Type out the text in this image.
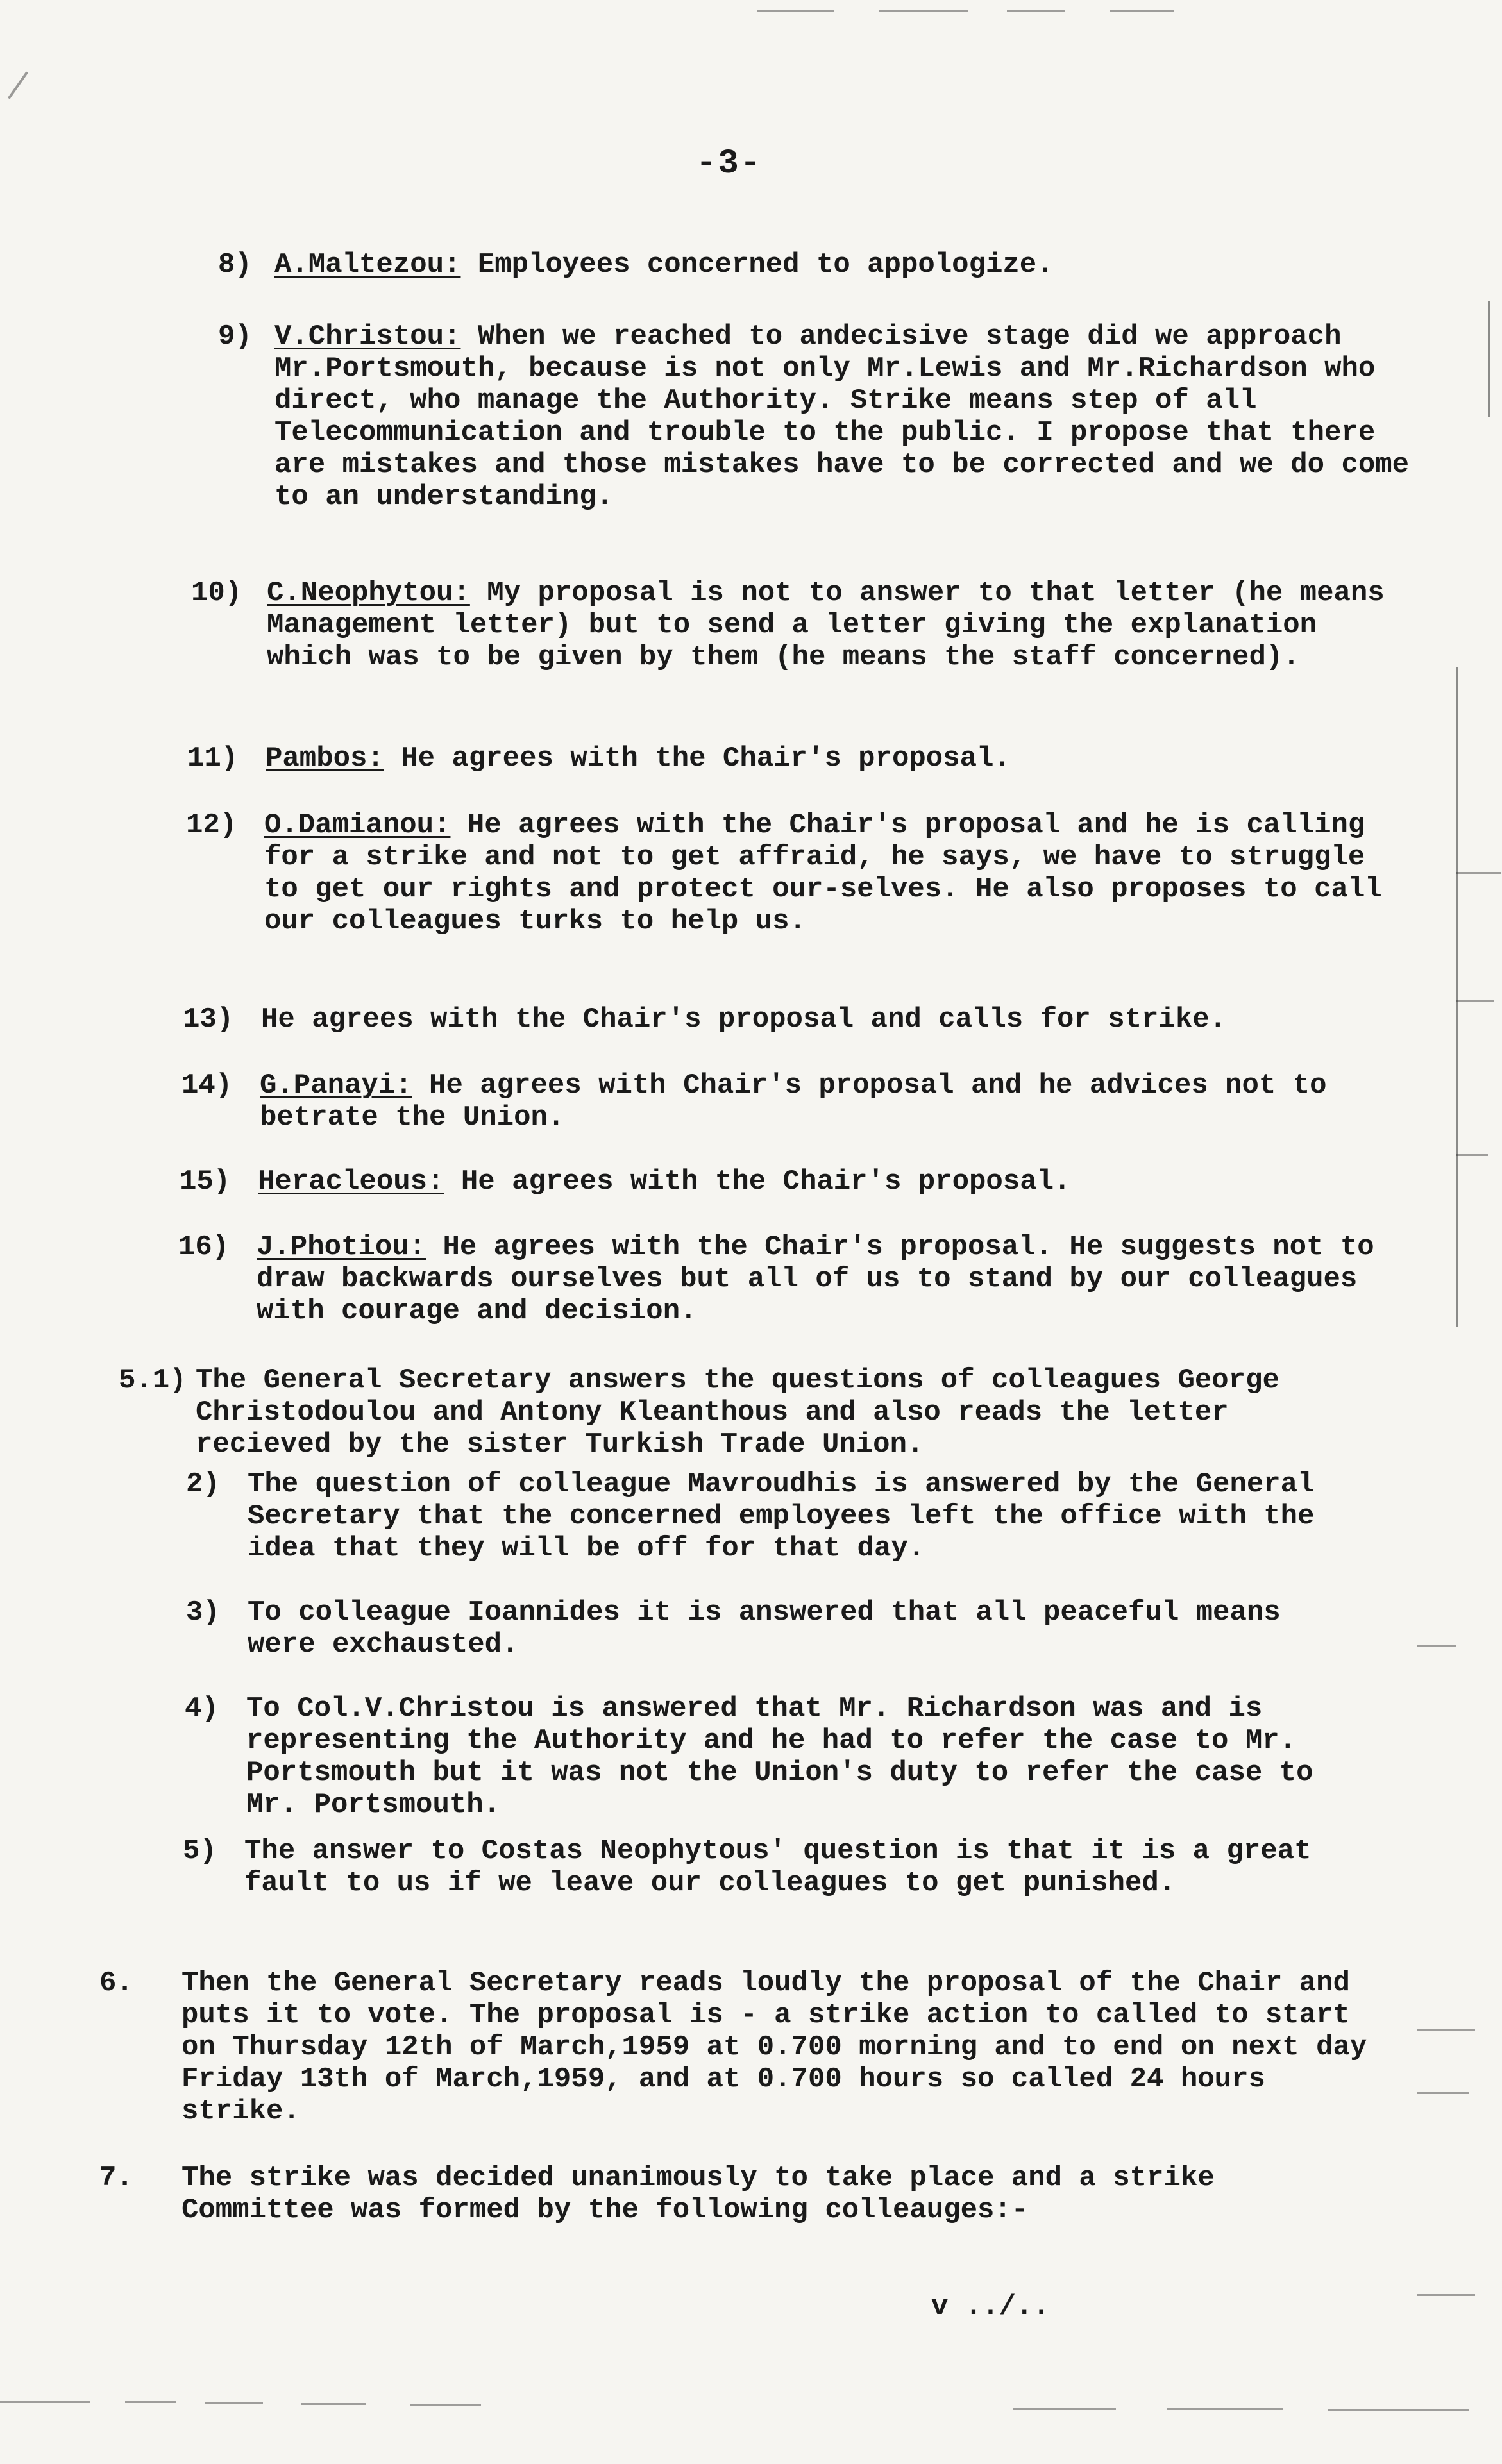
-3-
8) A.Maltezou: Employees concerned to appologize.
9) V.Christou: When we reached to andecisive stage did we approach Mr.Portsmouth, because is not only Mr.Lewis and Mr.Richardson who direct, who manage the Authority. Strike means step of all Telecommunication and trouble to the public. I propose that there are mistakes and those mistakes have to be corrected and we do come to an understanding.
10) C.Neophytou: My proposal is not to answer to that letter (he means Management letter) but to send a letter giving the explanation which was to be given by them (he means the staff concerned).
11) Pambos: He agrees with the Chair's proposal.
12) O.Damianou: He agrees with the Chair's proposal and he is calling for a strike and not to get affraid, he says, we have to struggle to get our rights and protect our-selves. He also proposes to call our colleagues turks to help us.
13) He agrees with the Chair's proposal and calls for strike.
14) G.Panayi: He agrees with Chair's proposal and he advices not to betrate the Union.
15) Heracleous: He agrees with the Chair's proposal.
16) J.Photiou: He agrees with the Chair's proposal. He suggests not to draw backwards ourselves but all of us to stand by our colleagues with courage and decision.
5.1) The General Secretary answers the questions of colleagues George Christodoulou and Antony Kleanthous and also reads the letter recieved by the sister Turkish Trade Union.
2) The question of colleague Mavroudhis is answered by the General Secretary that the concerned employees left the office with the idea that they will be off for that day.
3) To colleague Ioannides it is answered that all peaceful means were exchausted.
4) To Col.V.Christou is answered that Mr. Richardson was and is representing the Authority and he had to refer the case to Mr. Portsmouth but it was not the Union's duty to refer the case to Mr. Portsmouth.
5) The answer to Costas Neophytous' question is that it is a great fault to us if we leave our colleagues to get punished.
6. Then the General Secretary reads loudly the proposal of the Chair and puts it to vote. The proposal is - a strike action to called to start on Thursday 12th of March,1959 at 0.700 morning and to end on next day Friday 13th of March,1959, and at 0.700 hours so called 24 hours strike.
7. The strike was decided unanimously to take place and a strike Committee was formed by the following colleauges:-
v ../..
